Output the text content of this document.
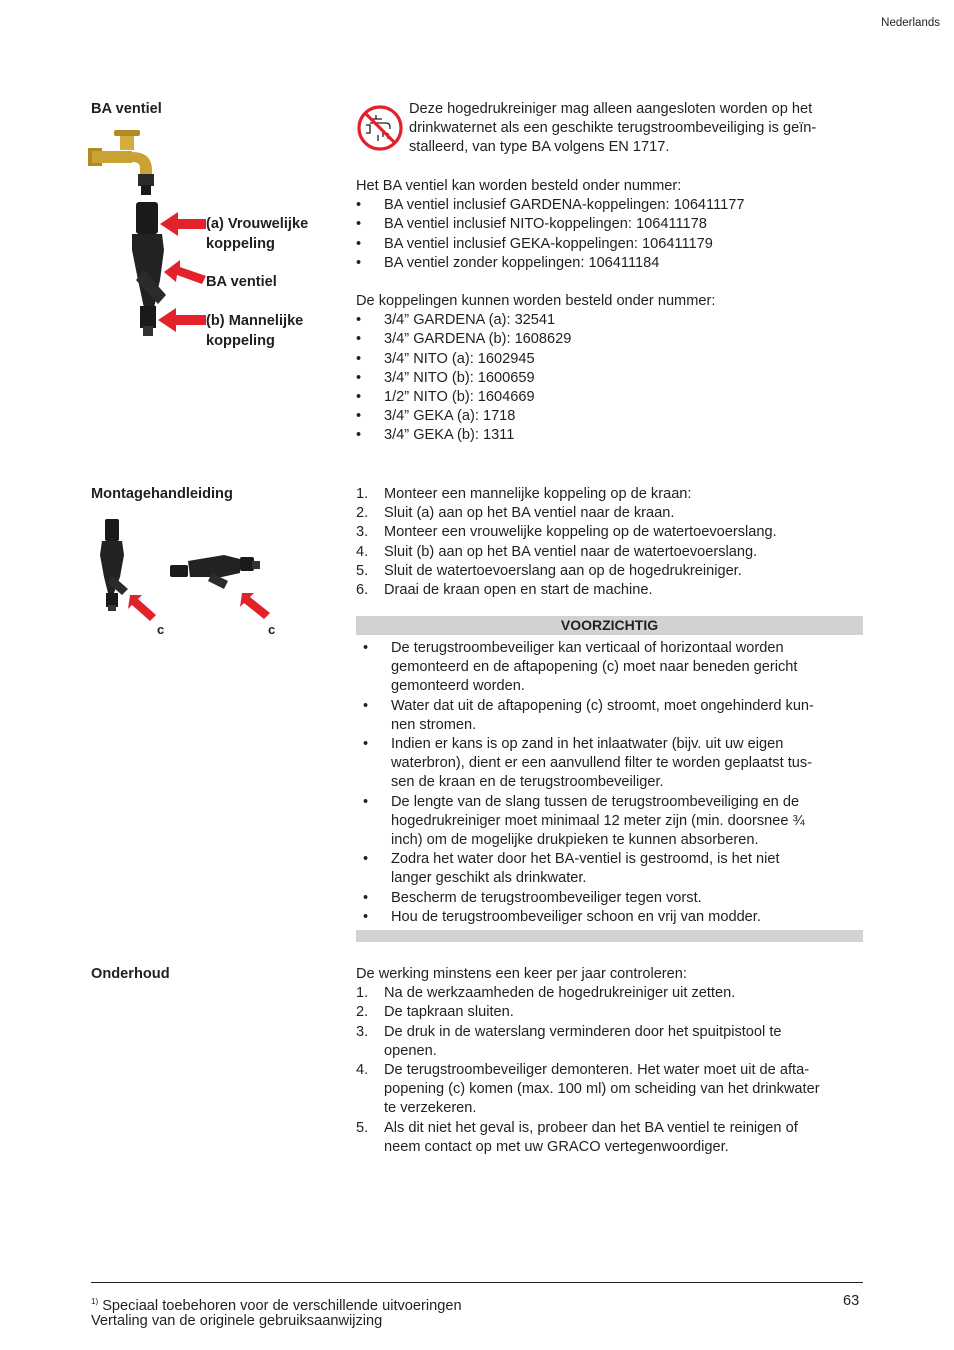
Nederlands
BA ventiel
(a) Vrouwelijke
koppeling
BA ventiel
(b) Mannelijke
koppeling
Deze hogedrukreiniger mag alleen aangesloten worden op het
drinkwaternet als een geschikte terugstroombeveiliging is geïn-
stalleerd, van type BA volgens EN 1717.
Het BA ventiel kan worden besteld onder nummer:
• BA ventiel inclusief GARDENA-koppelingen: 106411177
• BA ventiel inclusief NITO-koppelingen: 106411178
• BA ventiel inclusief GEKA-koppelingen: 106411179
• BA ventiel zonder koppelingen: 106411184
De koppelingen kunnen worden besteld onder nummer:
• 3/4” GARDENA (a): 32541
• 3/4” GARDENA (b): 1608629
• 3/4” NITO (a): 1602945
• 3/4” NITO (b): 1600659
• 1/2” NITO (b): 1604669
• 3/4” GEKA (a): 1718
• 3/4” GEKA (b): 1311
Montagehandleiding
c	c
1. Monteer een mannelijke koppeling op de kraan:
2. Sluit (a) aan op het BA ventiel naar de kraan.
3. Monteer een vrouwelijke koppeling op de watertoevoerslang.
4. Sluit (b) aan op het BA ventiel naar de watertoevoerslang.
5. Sluit de watertoevoerslang aan op de hogedrukreiniger.
6. Draai de kraan open en start de machine.
VOORZICHTIG
• De terugstroombeveiliger kan verticaal of horizontaal worden
gemonteerd en de aftapopening (c) moet naar beneden gericht
gemonteerd worden.
• Water dat uit de aftapopening (c) stroomt, moet ongehinderd kun-
nen stromen.
• Indien er kans is op zand in het inlaatwater (bijv. uit uw eigen
waterbron), dient er een aanvullend filter te worden geplaatst tus-
sen de kraan en de terugstroombeveiliger.
• De lengte van de slang tussen de terugstroombeveiliging en de
hogedrukreiniger moet minimaal 12 meter zijn (min. doorsnee ¾
inch) om de mogelijke drukpieken te kunnen absorberen.
• Zodra het water door het BA-ventiel is gestroomd, is het niet
langer geschikt als drinkwater.
• Bescherm de terugstroombeveiliger tegen vorst.
• Hou de terugstroombeveiliger schoon en vrij van modder.
Onderhoud	De werking minstens een keer per jaar controleren:
1. Na de werkzaamheden de hogedrukreiniger uit zetten.
2. De tapkraan sluiten.
3. De druk in de waterslang verminderen door het spuitpistool te
openen.
4. De terugstroombeveiliger demonteren. Het water moet uit de afta-
popening (c) komen (max. 100 ml) om scheiding van het drinkwater
te verzekeren.
5. Als dit niet het geval is, probeer dan het BA ventiel te reinigen of
neem contact op met uw GRACO vertegenwoordiger.
$^{1)}$ Speciaal toebehoren voor de verschillende uitvoeringen	63
Vertaling van de originele gebruiksaanwijzing
